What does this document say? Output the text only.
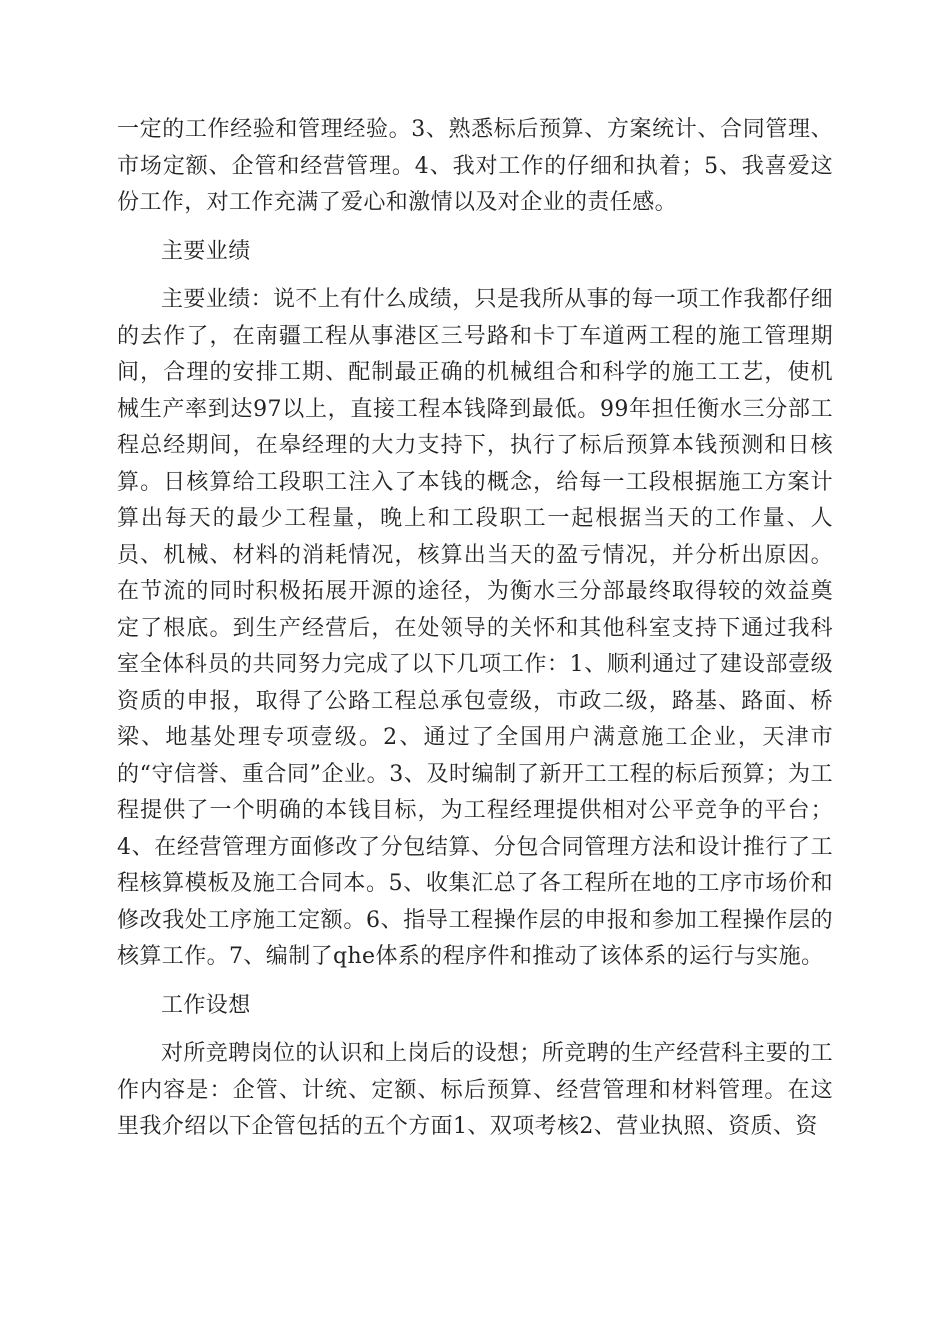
一定的工作经验和管理经验。3、熟悉标后预算、方案统计、合同管理、市场定额、企管和经营管理。4、我对工作的仔细和执着；5、我喜爱这份工作，对工作充满了爱心和激情以及对企业的责任感。

主要业绩

主要业绩：说不上有什么成绩，只是我所从事的每一项工作我都仔细的去作了，在南疆工程从事港区三号路和卡丁车道两工程的施工管理期间，合理的安排工期、配制最正确的机械组合和科学的施工工艺，使机械生产率到达97以上，直接工程本钱降到最低。99年担任衡水三分部工程总经期间，在皋经理的大力支持下，执行了标后预算本钱预测和日核算。日核算给工段职工注入了本钱的概念，给每一工段根据施工方案计算出每天的最少工程量，晚上和工段职工一起根据当天的工作量、人员、机械、材料的消耗情况，核算出当天的盈亏情况，并分析出原因。在节流的同时积极拓展开源的途径，为衡水三分部最终取得较的效益奠定了根底。到生产经营后，在处领导的关怀和其他科室支持下通过我科室全体科员的共同努力完成了以下几项工作：1、顺利通过了建设部壹级资质的申报，取得了公路工程总承包壹级，市政二级，路基、路面、桥梁、地基处理专项壹级。2、通过了全国用户满意施工企业，天津市的“守信誉、重合同”企业。3、及时编制了新开工工程的标后预算；为工程提供了一个明确的本钱目标，为工程经理提供相对公平竞争的平台；4、在经营管理方面修改了分包结算、分包合同管理方法和设计推行了工程核算模板及施工合同本。5、收集汇总了各工程所在地的工序市场价和修改我处工序施工定额。6、指导工程操作层的申报和参加工程操作层的核算工作。7、编制了qhe体系的程序件和推动了该体系的运行与实施。

工作设想

对所竞聘岗位的认识和上岗后的设想；所竞聘的生产经营科主要的工作内容是：企管、计统、定额、标后预算、经营管理和材料管理。在这里我介绍以下企管包括的五个方面1、双项考核2、营业执照、资质、资
